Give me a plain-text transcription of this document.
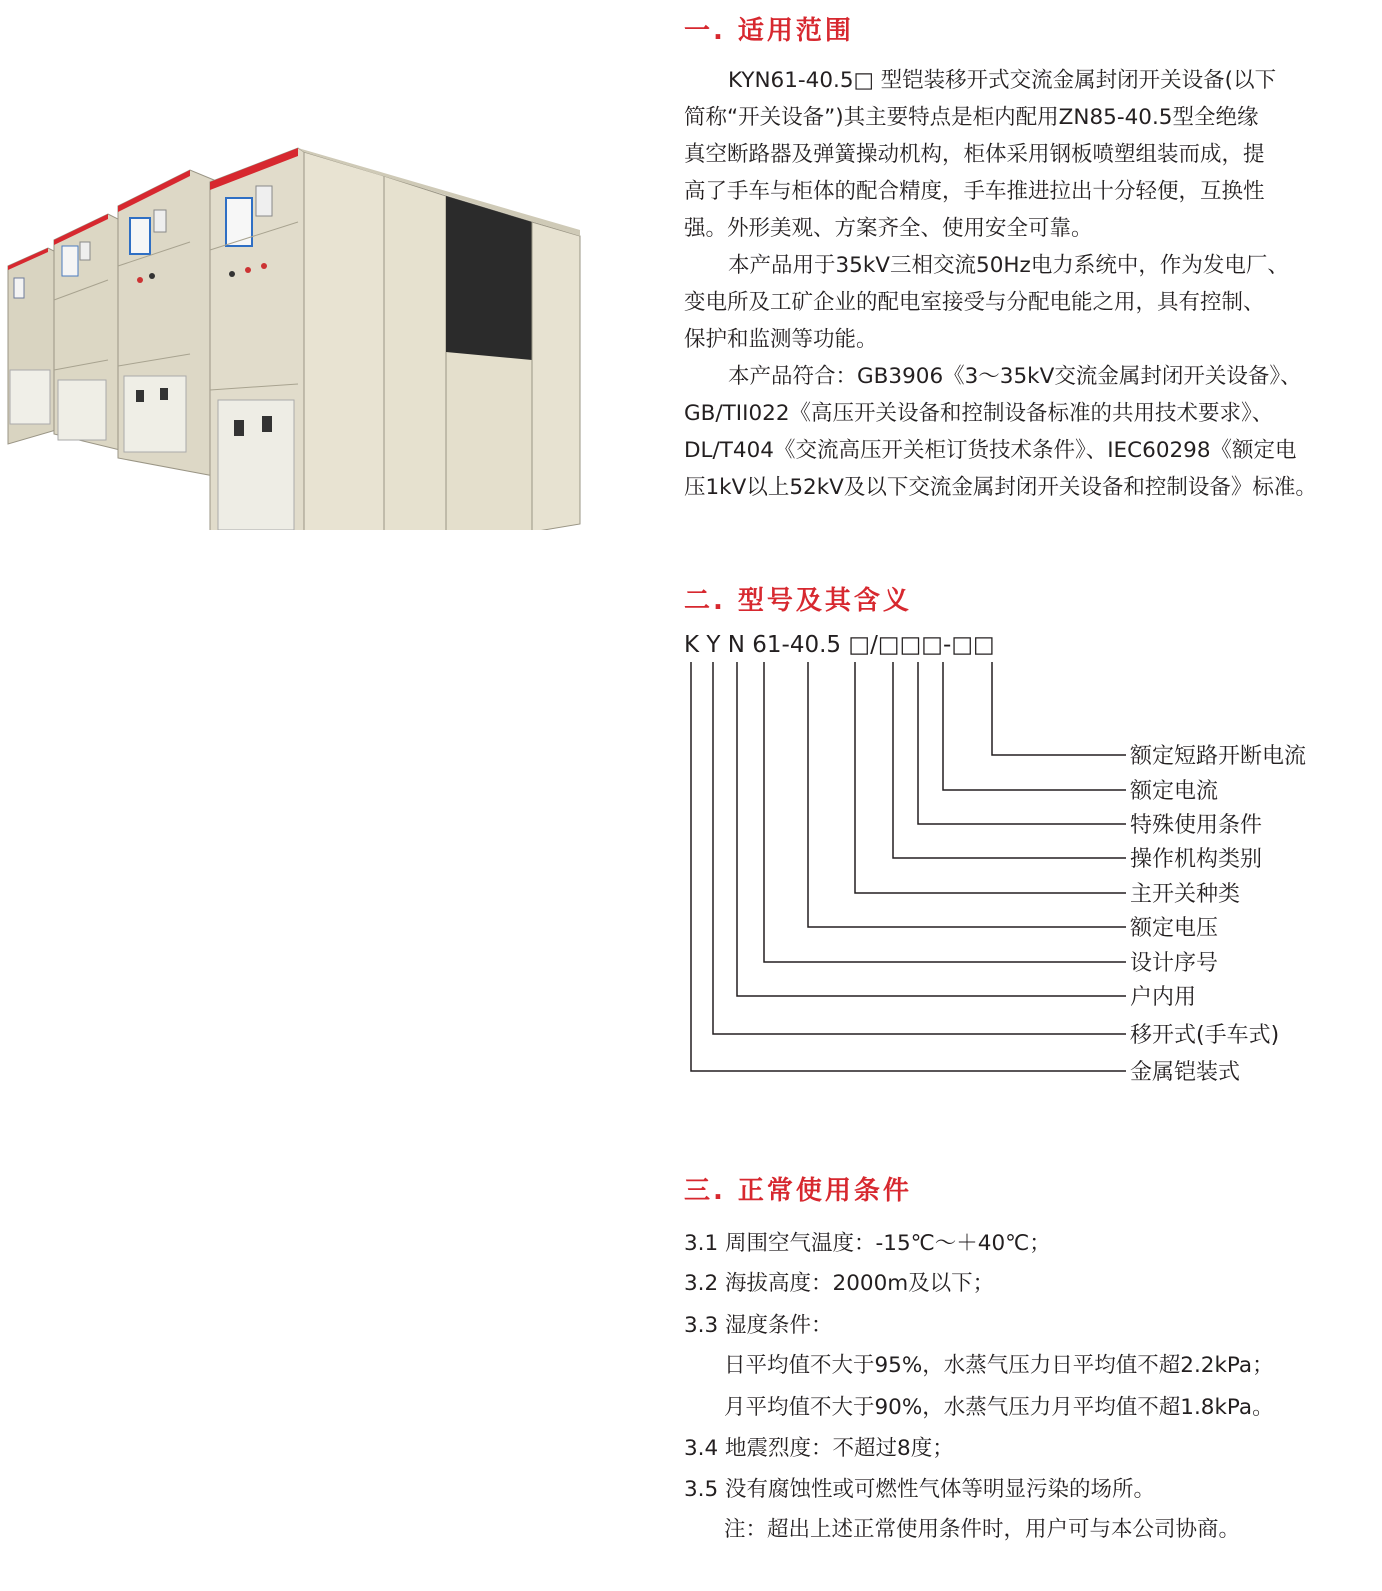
一. 适用范围
KYN61-40.5□ 型铠装移开式交流金属封闭开关设备(以下
简称“开关设备”)其主要特点是柜内配用ZN85-40.5型全绝缘
真空断路器及弹簧操动机构，柜体采用钢板喷塑组装而成，提
高了手车与柜体的配合精度，手车推进拉出十分轻便，互换性
强。外形美观、方案齐全、使用安全可靠。
本产品用于35kV三相交流50Hz电力系统中，作为发电厂、
变电所及工矿企业的配电室接受与分配电能之用，具有控制、
保护和监测等功能。
本产品符合：GB3906《3～35kV交流金属封闭开关设备》、
GB/TII022《高压开关设备和控制设备标准的共用技术要求》、
DL/T404《交流高压开关柜订货技术条件》、IEC60298《额定电
压1kV以上52kV及以下交流金属封闭开关设备和控制设备》标准。
二. 型号及其含义
K Y N 61-40.5 □/□□□-□□
额定短路开断电流
额定电流
特殊使用条件
操作机构类别
主开关种类
额定电压
设计序号
户内用
移开式(手车式)
金属铠装式
三. 正常使用条件
3.1 周围空气温度：-15℃～＋40℃；
3.2 海拔高度：2000m及以下；
3.3 湿度条件：
日平均值不大于95%，水蒸气压力日平均值不超2.2kPa；
月平均值不大于90%，水蒸气压力月平均值不超1.8kPa。
3.4 地震烈度：不超过8度；
3.5 没有腐蚀性或可燃性气体等明显污染的场所。
注：超出上述正常使用条件时，用户可与本公司协商。
